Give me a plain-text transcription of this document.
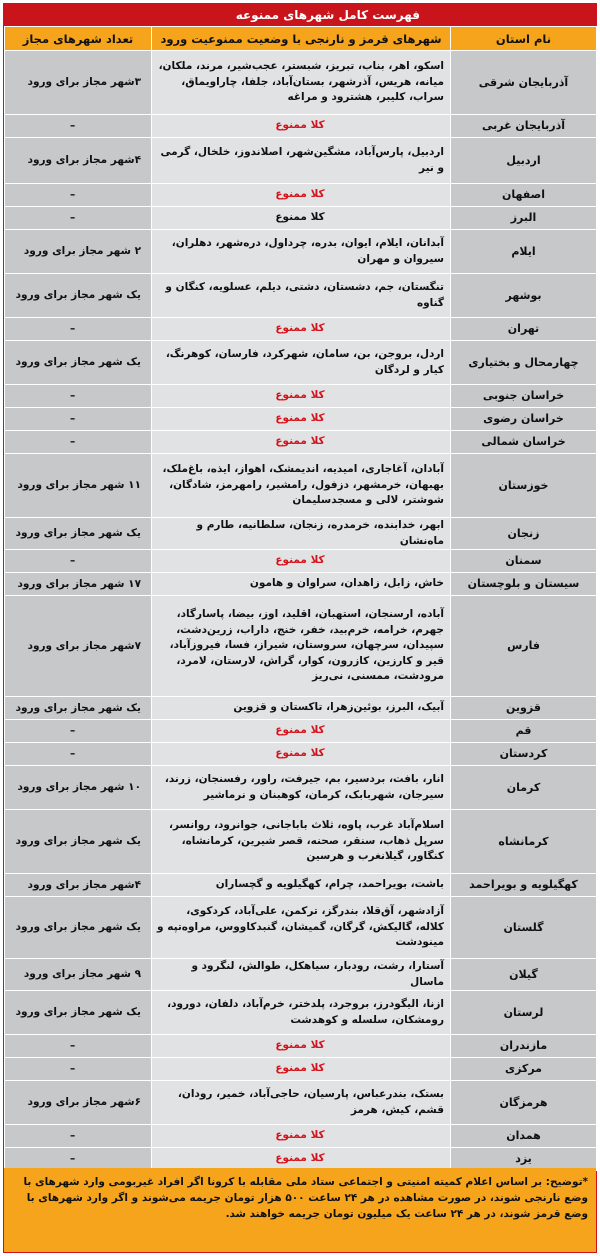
فهرست کامل شهرهای ممنوعه
نام استان	شهرهای قرمز و نارنجی با وضعیت ممنوعیت ورود	تعداد شهرهای مجاز
آذربایجان شرقی	اسکو، اهر، بناب، تبریز، شبستر، عجب‌شیر، مرند، ملکان، میانه، هریس، آذرشهر، بستان‌آباد، جلفا، چاراویماق، سراب، کلیبر، هشترود و مراغه	۳شهر مجاز برای ورود
آذربایجان غربی	کلا ممنوع	–
اردبیل	اردبیل، پارس‌آباد، مشگین‌شهر، اصلاندوز، خلخال، گرمی و نیر	۴شهر مجاز برای ورود
اصفهان	کلا ممنوع	–
البرز	کلا ممنوع	–
ایلام	آبدانان، ایلام، ایوان، بدره، چرداول، دره‌شهر، دهلران، سیروان و مهران	۲ شهر مجاز برای ورود
بوشهر	تنگستان، جم، دشستان، دشتی، دیلم، عسلویه، کنگان و گناوه	یک شهر مجاز برای ورود
تهران	کلا ممنوع	–
چهارمحال و بختیاری	اردل، بروجن، بن، سامان، شهرکرد، فارسان، کوهرنگ، کیار و لردگان	یک شهر مجاز برای ورود
خراسان جنوبی	کلا ممنوع	–
خراسان رضوی	کلا ممنوع	–
خراسان شمالی	کلا ممنوع	–
خوزستان	آبادان، آغاجاری، امیدیه، اندیمشک، اهواز، ایذه، باغ‌ملک، بهبهان، خرمشهر، دزفول، رامشیر، رامهرمز، شادگان، شوشتر، لالی و مسجدسلیمان	۱۱ شهر مجاز برای ورود
زنجان	ابهر، خدابنده، خرمدره، زنجان، سلطانیه، طارم و ماه‌نشان	یک شهر مجاز برای ورود
سمنان	کلا ممنوع	–
سیستان و بلوچستان	خاش، زابل، زاهدان، سراوان و هامون	۱۷ شهر مجاز برای ورود
فارس	آباده، ارسنجان، استهبان، اقلید، اوز، بیضا، پاسارگاد، جهرم، خرامه، خرم‌بید، خفر، خنج، داراب، زرین‌دشت، سپیدان، سرچهان، سروستان، شیراز، فسا، فیروزآباد، قیر و کارزین، کازرون، کوار، گراش، لارستان، لامرد، مرودشت، ممسنی، نی‌ریز	۷شهر مجاز برای ورود
قزوین	آبیک، البرز، بوئین‌زهرا، تاکستان و قزوین	یک شهر مجاز برای ورود
قم	کلا ممنوع	–
کردستان	کلا ممنوع	–
کرمان	انار، بافت، بردسیر، بم، جیرفت، راور، رفسنجان، زرند، سیرجان، شهربابک، کرمان، کوهبنان و نرماشیر	۱۰ شهر مجاز برای ورود
کرمانشاه	اسلام‌آباد غرب، پاوه، ثلاث باباجانی، جوانرود، روانسر، سرپل ذهاب، سنقر، صحنه، قصر شیرین، کرمانشاه، کنگاور، گیلانغرب و هرسین	یک شهر مجاز برای ورود
کهگیلویه و بویراحمد	باشت، بویراحمد، چرام، کهگیلویه و گچساران	۴شهر مجاز برای ورود
گلستان	آزادشهر، آق‌قلا، بندرگز، ترکمن، علی‌آباد، کردکوی، کلاله، گالیکش، گرگان، گمیشان، گنبدکاووس، مراوه‌تپه و مینودشت	یک شهر مجاز برای ورود
گیلان	آستارا، رشت، رودبار، سیاهکل، طوالش، لنگرود و ماسال	۹ شهر مجاز برای ورود
لرستان	ازنا، الیگودرز، بروجرد، پلدختر، خرم‌آباد، دلفان، دورود، رومشکان، سلسله و کوهدشت	یک شهر مجاز برای ورود
مازندران	کلا ممنوع	–
مرکزی	کلا ممنوع	–
هرمزگان	بستک، بندرعباس، پارسیان، حاجی‌آباد، خمیر، رودان، قشم، کیش، هرمز	۶شهر مجاز برای ورود
همدان	کلا ممنوع	–
یزد	کلا ممنوع	–
*توضیح: بر اساس اعلام کمیته امنیتی و اجتماعی ستاد ملی مقابله با کرونا اگر افراد غیربومی وارد شهرهای با وضع نارنجی شوند، در صورت مشاهده در هر ۲۴ ساعت ۵۰۰ هزار تومان جریمه می‌شوند و اگر وارد شهرهای با وضع قرمز شوند، در هر ۲۴ ساعت یک میلیون تومان جریمه خواهند شد.
